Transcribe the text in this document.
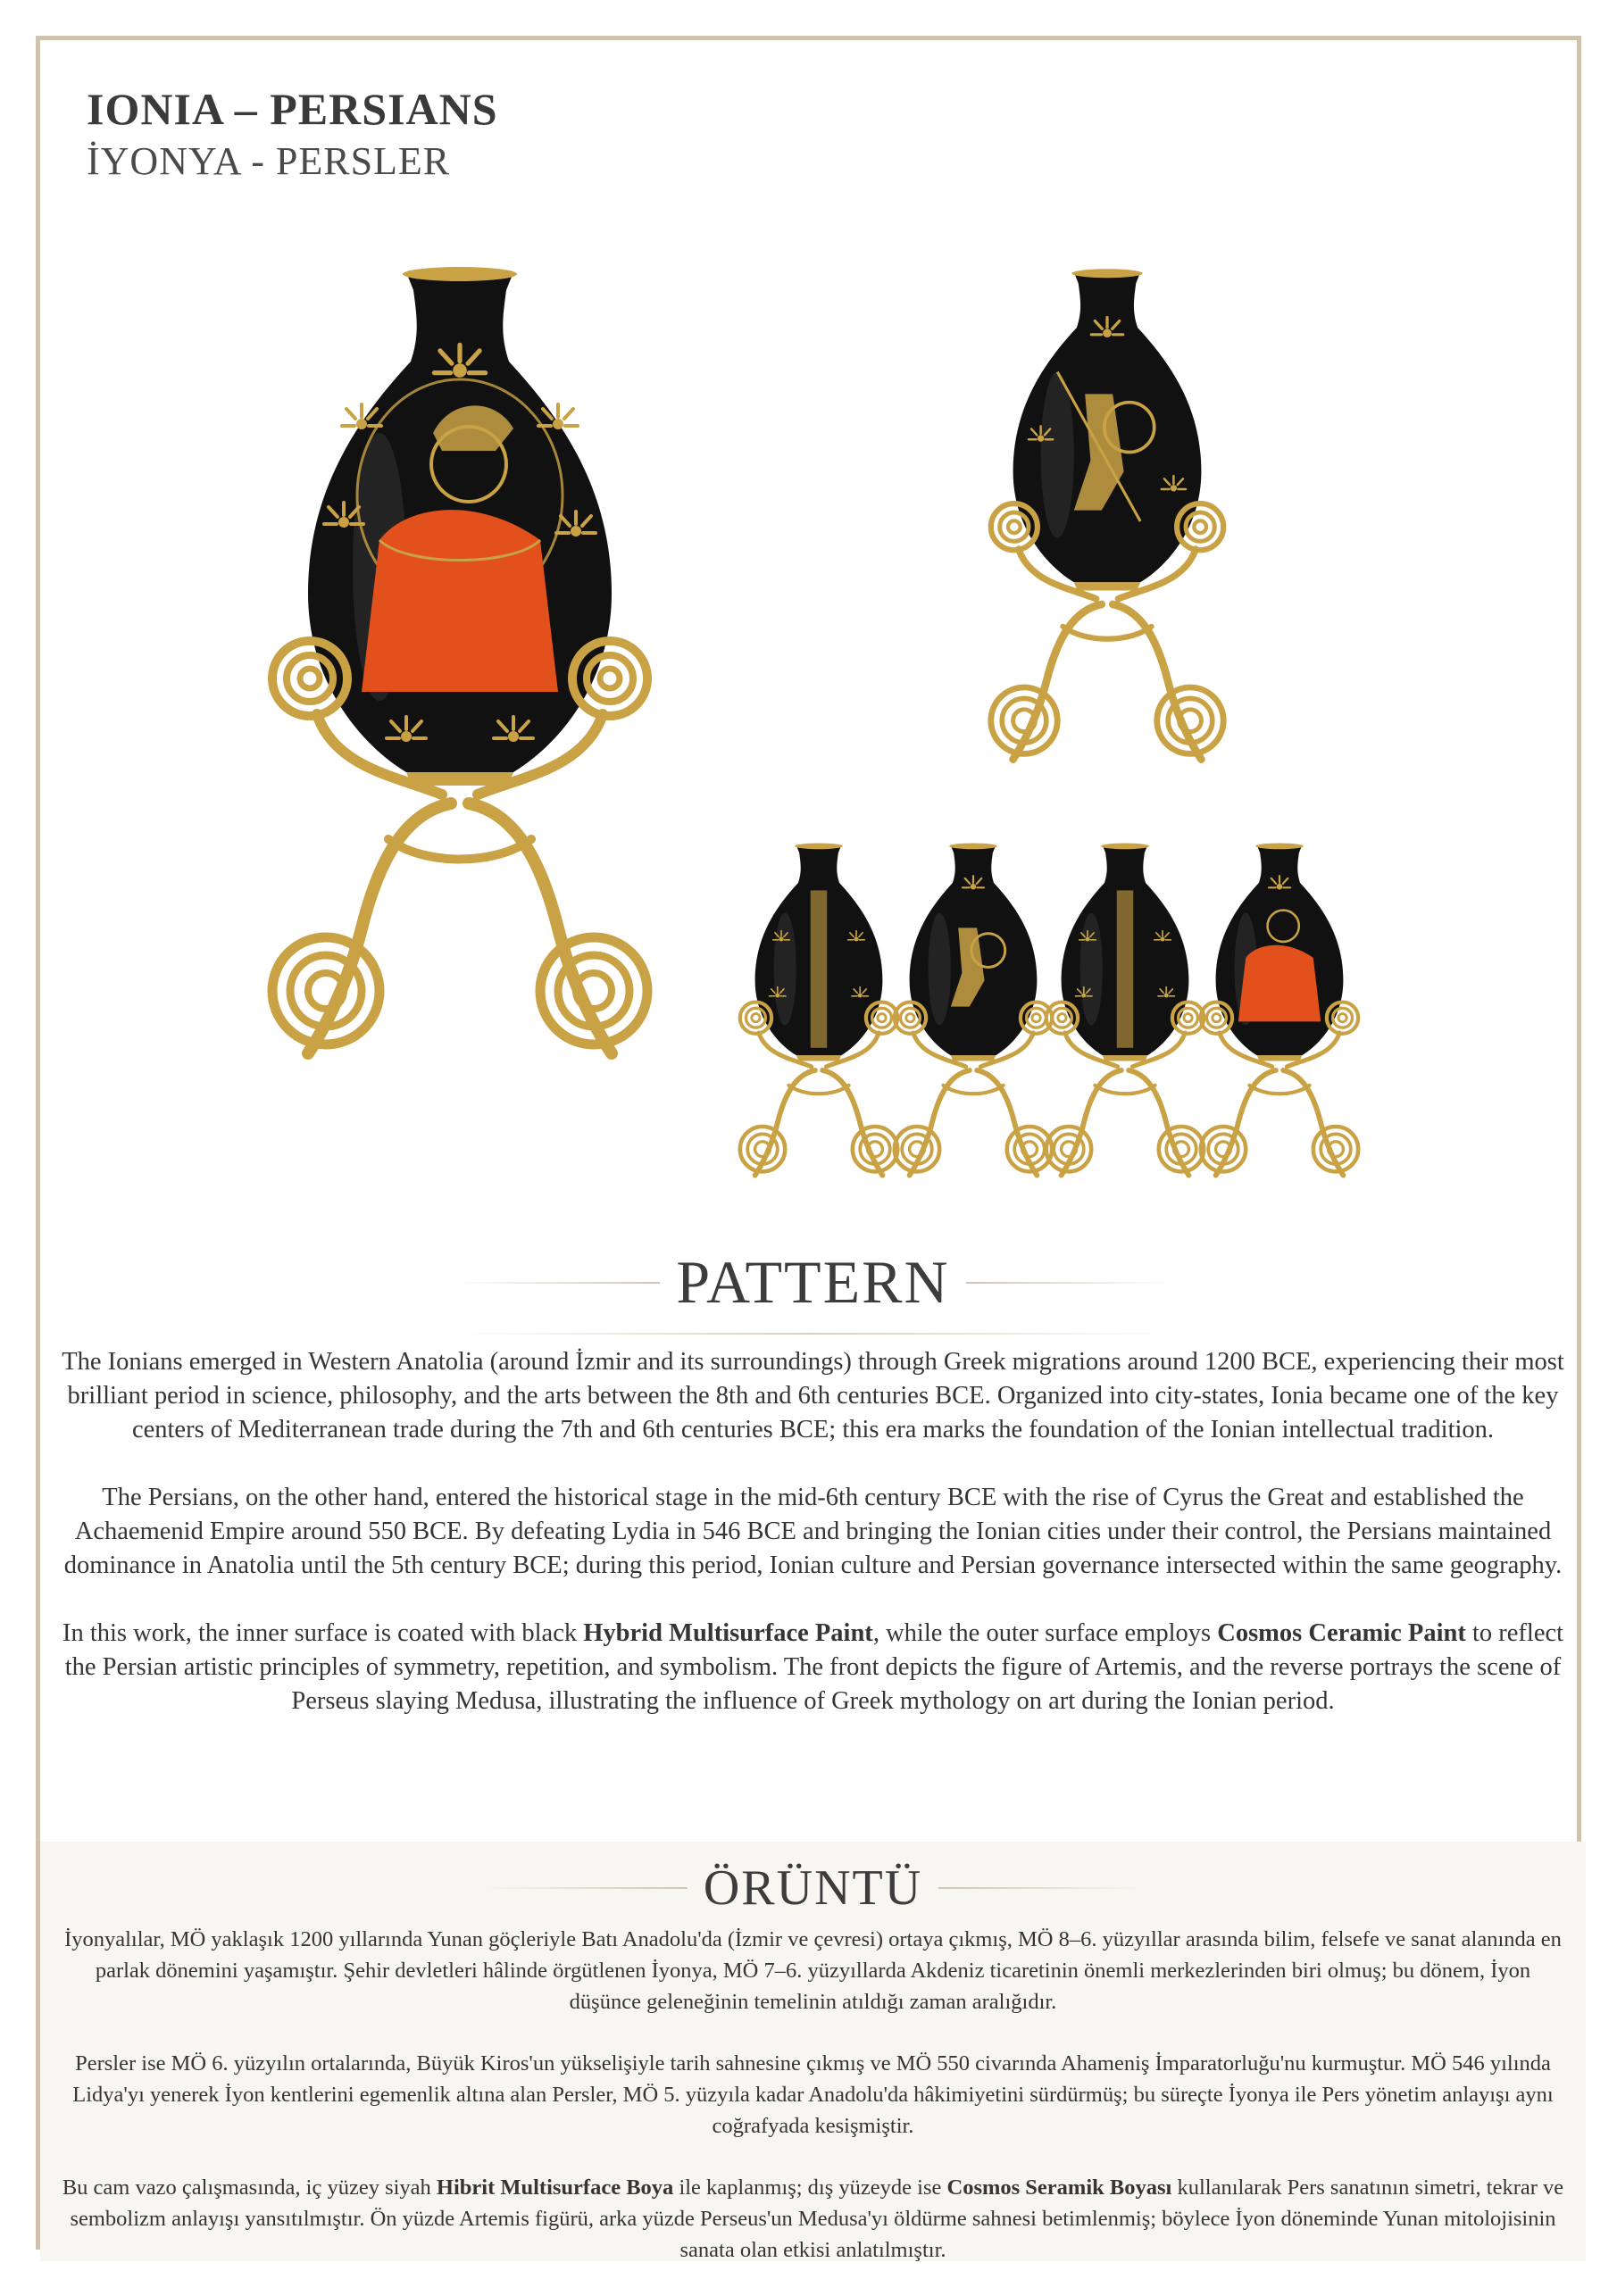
IONIA – PERSIANS
İYONYA - PERSLER
PATTERN

The Ionians emerged in Western Anatolia (around İzmir and its surroundings) through Greek migrations around 1200 BCE, experiencing their most brilliant period in science, philosophy, and the arts between the 8th and 6th centuries BCE. Organized into city-states, Ionia became one of the key centers of Mediterranean trade during the 7th and 6th centuries BCE; this era marks the foundation of the Ionian intellectual tradition.

The Persians, on the other hand, entered the historical stage in the mid-6th century BCE with the rise of Cyrus the Great and established the Achaemenid Empire around 550 BCE. By defeating Lydia in 546 BCE and bringing the Ionian cities under their control, the Persians maintained dominance in Anatolia until the 5th century BCE; during this period, Ionian culture and Persian governance intersected within the same geography.

In this work, the inner surface is coated with black Hybrid Multisurface Paint, while the outer surface employs Cosmos Ceramic Paint to reflect the Persian artistic principles of symmetry, repetition, and symbolism. The front depicts the figure of Artemis, and the reverse portrays the scene of Perseus slaying Medusa, illustrating the influence of Greek mythology on art during the Ionian period.

ÖRÜNTÜ

İyonyalılar, MÖ yaklaşık 1200 yıllarında Yunan göçleriyle Batı Anadolu'da (İzmir ve çevresi) ortaya çıkmış, MÖ 8–6. yüzyıllar arasında bilim, felsefe ve sanat alanında en parlak dönemini yaşamıştır. Şehir devletleri hâlinde örgütlenen İyonya, MÖ 7–6. yüzyıllarda Akdeniz ticaretinin önemli merkezlerinden biri olmuş; bu dönem, İyon düşünce geleneğinin temelinin atıldığı zaman aralığıdır.

Persler ise MÖ 6. yüzyılın ortalarında, Büyük Kiros'un yükselişiyle tarih sahnesine çıkmış ve MÖ 550 civarında Ahameniş İmparatorluğu'nu kurmuştur. MÖ 546 yılında Lidya'yı yenerek İyon kentlerini egemenlik altına alan Persler, MÖ 5. yüzyıla kadar Anadolu'da hâkimiyetini sürdürmüş; bu süreçte İyonya ile Pers yönetim anlayışı aynı coğrafyada kesişmiştir.

Bu cam vazo çalışmasında, iç yüzey siyah Hibrit Multisurface Boya ile kaplanmış; dış yüzeyde ise Cosmos Seramik Boyası kullanılarak Pers sanatının simetri, tekrar ve sembolizm anlayışı yansıtılmıştır. Ön yüzde Artemis figürü, arka yüzde Perseus'un Medusa'yı öldürme sahnesi betimlenmiş; böylece İyon döneminde Yunan mitolojisinin sanata olan etkisi anlatılmıştır.
